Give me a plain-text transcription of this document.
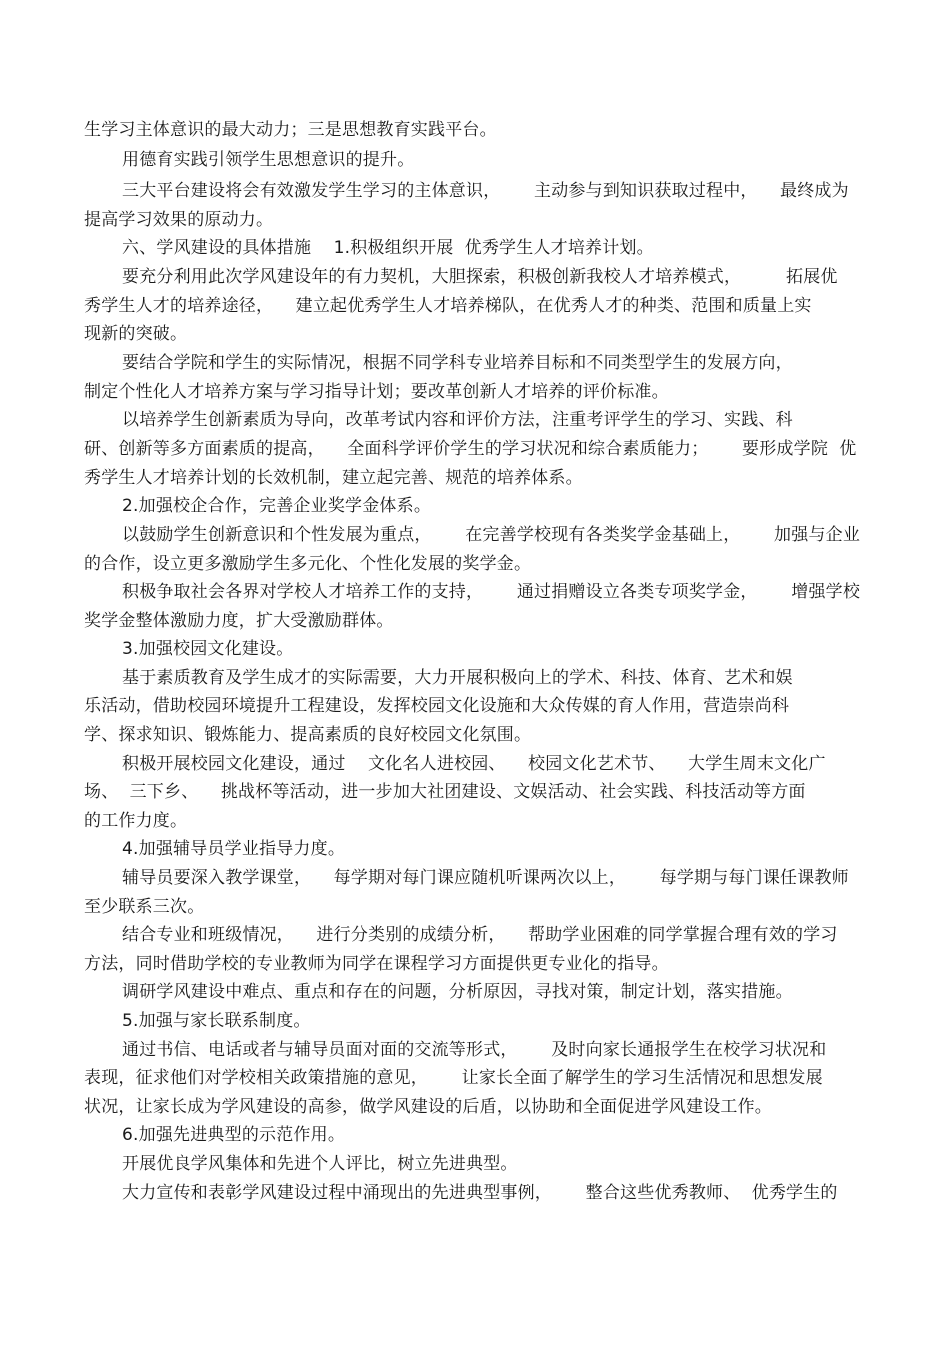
生学习主体意识的最大动力；三是思想教育实践平台。
用德育实践引领学生思想意识的提升。
三大平台建设将会有效激发学生学习的主体意识，      主动参与到知识获取过程中，    最终成为
提高学习效果的原动力。
六、学风建设的具体措施    1.积极组织开展  优秀学生人才培养计划。
要充分利用此次学风建设年的有力契机，大胆探索，积极创新我校人才培养模式，        拓展优
秀学生人才的培养途径，    建立起优秀学生人才培养梯队，在优秀人才的种类、范围和质量上实
现新的突破。
要结合学院和学生的实际情况，根据不同学科专业培养目标和不同类型学生的发展方向，
制定个性化人才培养方案与学习指导计划；要改革创新人才培养的评价标准。
以培养学生创新素质为导向，改革考试内容和评价方法，注重考评学生的学习、实践、科
研、创新等多方面素质的提高，    全面科学评价学生的学习状况和综合素质能力；      要形成学院  优
秀学生人才培养计划的长效机制，建立起完善、规范的培养体系。
2.加强校企合作，完善企业奖学金体系。
以鼓励学生创新意识和个性发展为重点，      在完善学校现有各类奖学金基础上，      加强与企业
的合作，设立更多激励学生多元化、个性化发展的奖学金。
积极争取社会各界对学校人才培养工作的支持，      通过捐赠设立各类专项奖学金，      增强学校
奖学金整体激励力度，扩大受激励群体。
3.加强校园文化建设。
基于素质教育及学生成才的实际需要，大力开展积极向上的学术、科技、体育、艺术和娱
乐活动，借助校园环境提升工程建设，发挥校园文化设施和大众传媒的育人作用，营造崇尚科
学、探求知识、锻炼能力、提高素质的良好校园文化氛围。
积极开展校园文化建设，通过    文化名人进校园、    校园文化艺术节、    大学生周末文化广
场、  三下乡、    挑战杯等活动，进一步加大社团建设、文娱活动、社会实践、科技活动等方面
的工作力度。
4.加强辅导员学业指导力度。
辅导员要深入教学课堂，    每学期对每门课应随机听课两次以上，      每学期与每门课任课教师
至少联系三次。
结合专业和班级情况，    进行分类别的成绩分析，    帮助学业困难的同学掌握合理有效的学习
方法，同时借助学校的专业教师为同学在课程学习方面提供更专业化的指导。
调研学风建设中难点、重点和存在的问题，分析原因，寻找对策，制定计划，落实措施。
5.加强与家长联系制度。
通过书信、电话或者与辅导员面对面的交流等形式，      及时向家长通报学生在校学习状况和
表现，征求他们对学校相关政策措施的意见，      让家长全面了解学生的学习生活情况和思想发展
状况，让家长成为学风建设的高参，做学风建设的后盾，以协助和全面促进学风建设工作。
6.加强先进典型的示范作用。
开展优良学风集体和先进个人评比，树立先进典型。
大力宣传和表彰学风建设过程中涌现出的先进典型事例，      整合这些优秀教师、  优秀学生的
